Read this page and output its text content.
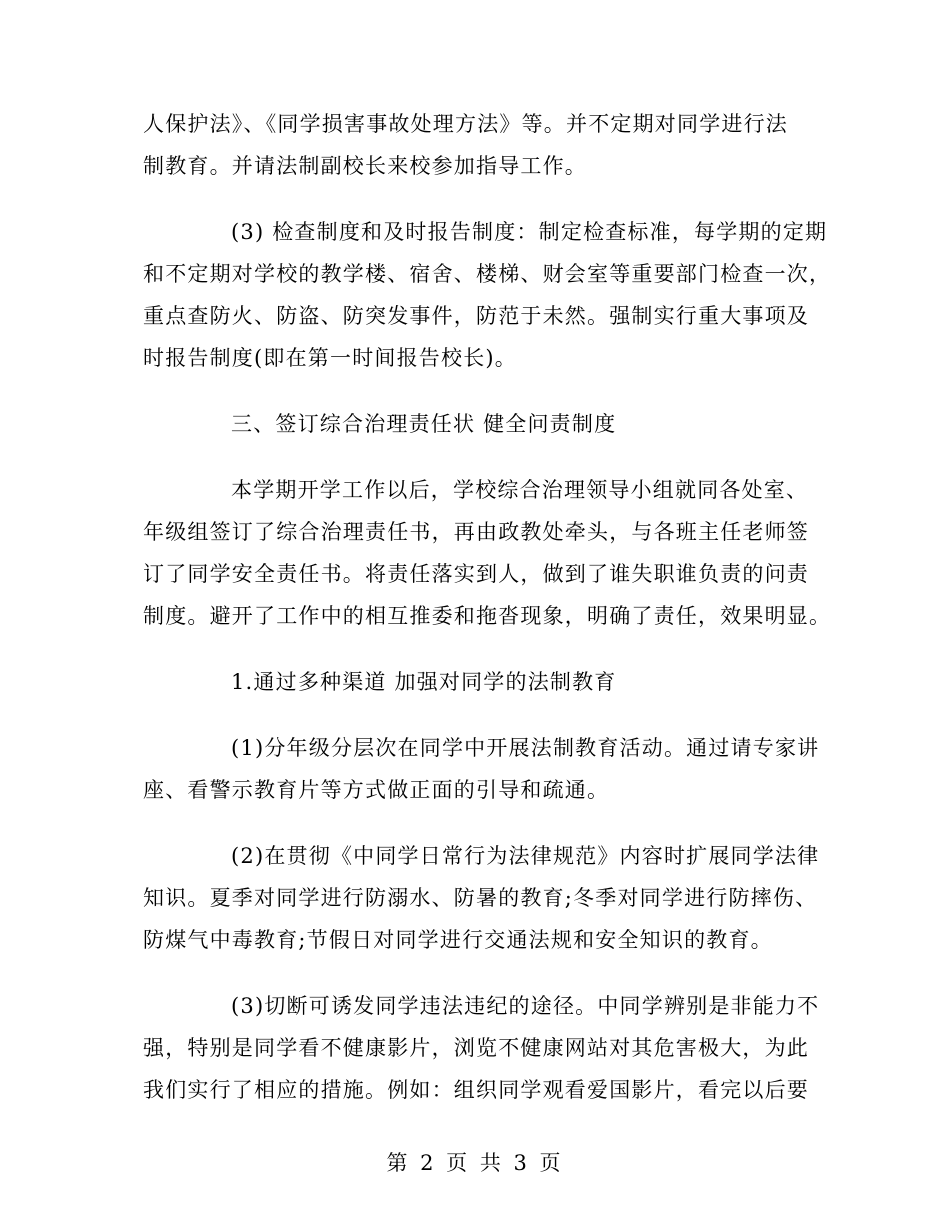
人保护法》、《同学损害事故处理方法》等。并不定期对同学进行法
制教育。并请法制副校长来校参加指导工作。
(3) 检查制度和及时报告制度：制定检查标准，每学期的定期
和不定期对学校的教学楼、宿舍、楼梯、财会室等重要部门检查一次，
重点查防火、防盗、防突发事件，防范于未然。强制实行重大事项及
时报告制度(即在第一时间报告校长)。
三、签订综合治理责任状 健全问责制度
本学期开学工作以后，学校综合治理领导小组就同各处室、
年级组签订了综合治理责任书，再由政教处牵头，与各班主任老师签
订了同学安全责任书。将责任落实到人，做到了谁失职谁负责的问责
制度。避开了工作中的相互推委和拖沓现象，明确了责任，效果明显。
1.通过多种渠道 加强对同学的法制教育
(1)分年级分层次在同学中开展法制教育活动。通过请专家讲
座、看警示教育片等方式做正面的引导和疏通。
(2)在贯彻《中同学日常行为法律规范》内容时扩展同学法律
知识。夏季对同学进行防溺水、防暑的教育;冬季对同学进行防摔伤、
防煤气中毒教育;节假日对同学进行交通法规和安全知识的教育。
(3)切断可诱发同学违法违纪的途径。中同学辨别是非能力不
强，特别是同学看不健康影片，浏览不健康网站对其危害极大，为此
我们实行了相应的措施。例如：组织同学观看爱国影片，看完以后要
第 2 页 共 3 页
